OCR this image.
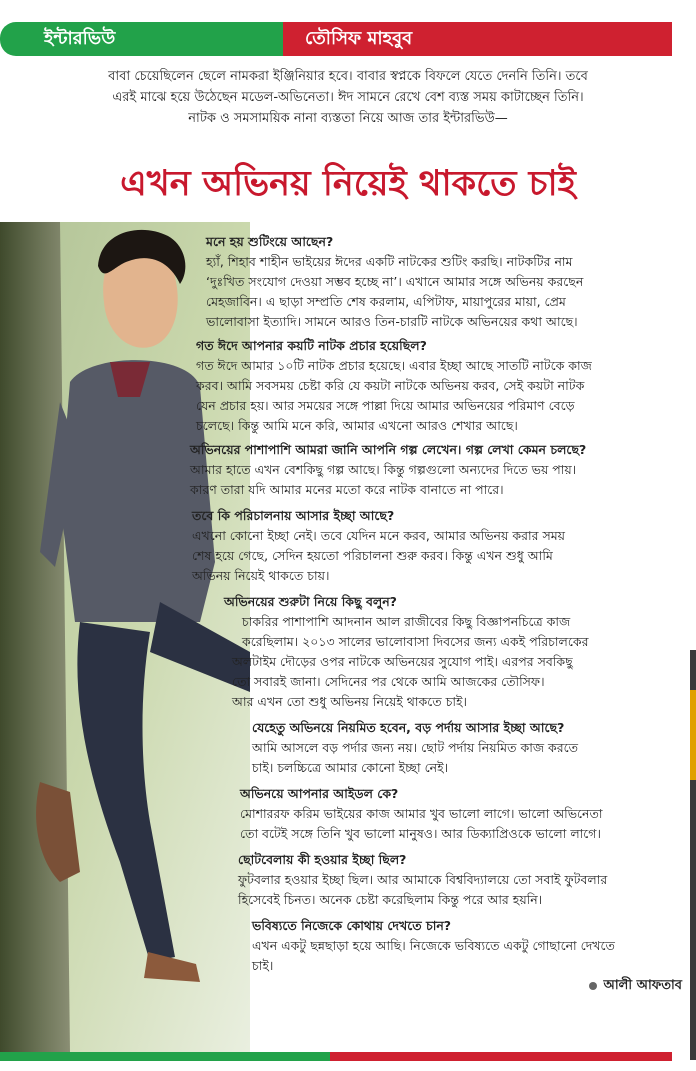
ইন্টারভিউ	তৌসিফ মাহবুব
বাবা চেয়েছিলেন ছেলে নামকরা ইঞ্জিনিয়ার হবে। বাবার স্বপ্নকে বিফলে যেতে দেননি তিনি। তবে
এরই মাঝে হয়ে উঠেছেন মডেল-অভিনেতা। ঈদ সামনে রেখে বেশ ব্যস্ত সময় কাটাচ্ছেন তিনি।
নাটক ও সমসাময়িক নানা ব্যস্ততা নিয়ে আজ তার ইন্টারভিউ—
এখন অভিনয় নিয়েই থাকতে চাই
মনে হয় শুটিংয়ে আছেন?
হ্যাঁ, শিহাব শাহীন ভাইয়ের ঈদের একটি নাটকের শুটিং করছি। নাটকটির নাম
‘দুঃখিত সংযোগ দেওয়া সম্ভব হচ্ছে না’। এখানে আমার সঙ্গে অভিনয় করছেন
মেহজাবিন। এ ছাড়া সম্প্রতি শেষ করলাম, এপিটাফ, মায়াপুরের মায়া, প্রেম
ভালোবাসা ইত্যাদি। সামনে আরও তিন-চারটি নাটকে অভিনয়ের কথা আছে।
গত ঈদে আপনার কয়টি নাটক প্রচার হয়েছিল?
গত ঈদে আমার ১০টি নাটক প্রচার হয়েছে। এবার ইচ্ছা আছে সাতটি নাটকে কাজ
করব। আমি সবসময় চেষ্টা করি যে কয়টা নাটকে অভিনয় করব, সেই কয়টা নাটক
যেন প্রচার হয়। আর সময়ের সঙ্গে পাল্লা দিয়ে আমার অভিনয়ের পরিমাণ বেড়ে
চলেছে। কিন্তু আমি মনে করি, আমার এখনো আরও শেখার আছে।
অভিনয়ের পাশাপাশি আমরা জানি আপনি গল্প লেখেন। গল্প লেখা কেমন চলছে?
আমার হাতে এখন বেশকিছু গল্প আছে। কিন্তু গল্পগুলো অন্যদের দিতে ভয় পায়।
কারণ তারা যদি আমার মনের মতো করে নাটক বানাতে না পারে।
তবে কি পরিচালনায় আসার ইচ্ছা আছে?
এখনো কোনো ইচ্ছা নেই। তবে যেদিন মনে করব, আমার অভিনয় করার সময়
শেষ হয়ে গেছে, সেদিন হয়তো পরিচালনা শুরু করব। কিন্তু এখন শুধু আমি
অভিনয় নিয়েই থাকতে চায়।
অভিনয়ের শুরুটা নিয়ে কিছু বলুন?
চাকরির পাশাপাশি আদনান আল রাজীবের কিছু বিজ্ঞাপনচিত্রে কাজ
করেছিলাম। ২০১৩ সালের ভালোবাসা দিবসের জন্য একই পরিচালকের
অলটাইম দৌড়ের ওপর নাটকে অভিনয়ের সুযোগ পাই। এরপর সবকিছু
তো সবারই জানা। সেদিনের পর থেকে আমি আজকের তৌসিফ।
আর এখন তো শুধু অভিনয় নিয়েই থাকতে চাই।
যেহেতু অভিনয়ে নিয়মিত হবেন, বড় পর্দায় আসার ইচ্ছা আছে?
আমি আসলে বড় পর্দার জন্য নয়। ছোট পর্দায় নিয়মিত কাজ করতে
চাই। চলচ্চিত্রে আমার কোনো ইচ্ছা নেই।
অভিনয়ে আপনার আইডল কে?
মোশাররফ করিম ভাইয়ের কাজ আমার খুব ভালো লাগে। ভালো অভিনেতা
তো বটেই সঙ্গে তিনি খুব ভালো মানুষও। আর ডিক্যাপ্রিওকে ভালো লাগে।
ছোটবেলায় কী হওয়ার ইচ্ছা ছিল?
ফুটবলার হওয়ার ইচ্ছা ছিল। আর আমাকে বিশ্ববিদ্যালয়ে তো সবাই ফুটবলার
হিসেবেই চিনত। অনেক চেষ্টা করেছিলাম কিন্তু পরে আর হয়নি।
ভবিষ্যতে নিজেকে কোথায় দেখতে চান?
এখন একটু ছন্নছাড়া হয়ে আছি। নিজেকে ভবিষ্যতে একটু গোছানো দেখতে
চাই।
আলী আফতাব
